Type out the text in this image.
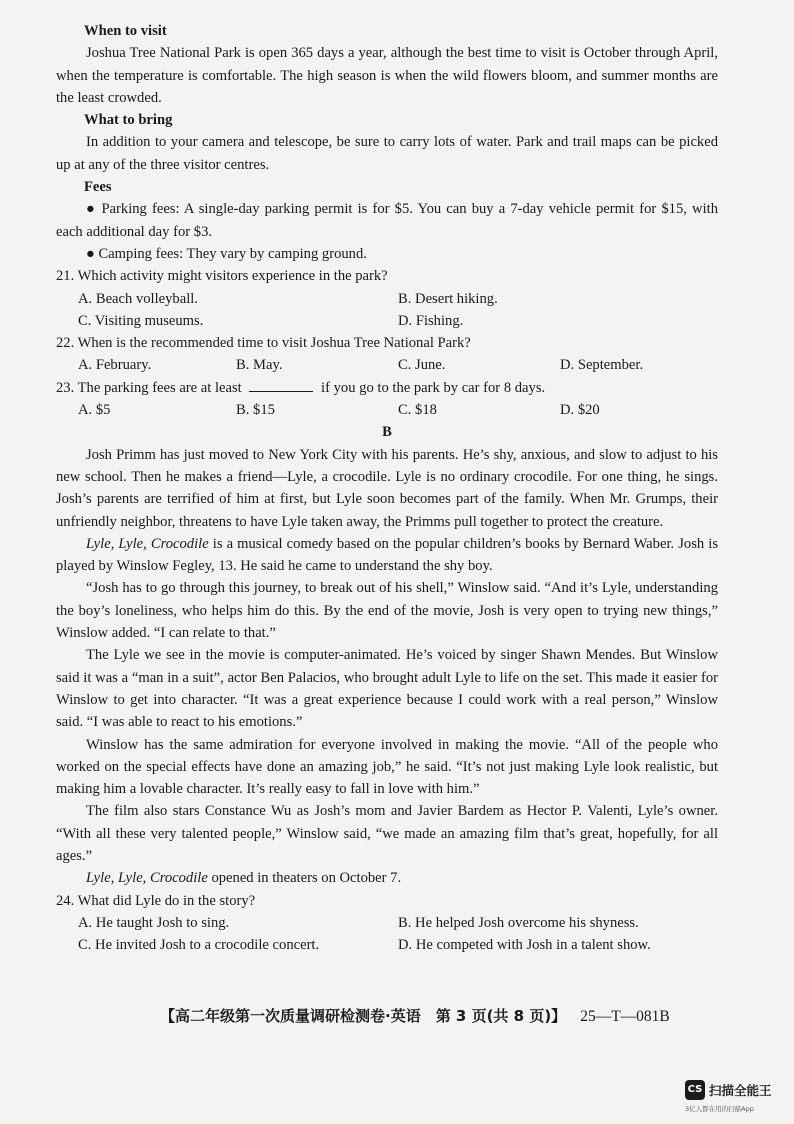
When to visit

Joshua Tree National Park is open 365 days a year, although the best time to visit is October through April, when the temperature is comfortable. The high season is when the wild flowers bloom, and summer months are the least crowded.

What to bring

In addition to your camera and telescope, be sure to carry lots of water. Park and trail maps can be picked up at any of the three visitor centres.

Fees

● Parking fees: A single-day parking permit is for $5. You can buy a 7-day vehicle permit for $15, with each additional day for $3.

● Camping fees: They vary by camping ground.

21. Which activity might visitors experience in the park?

A. Beach volleyball.	B. Desert hiking.
C. Visiting museums.	D. Fishing.

22. When is the recommended time to visit Joshua Tree National Park?

A. February.	B. May.	C. June.	D. September.

23. The parking fees are at least	if you go to the park by car for 8 days.

A. $5	B. $15	C. $18	D. $20
B

Josh Primm has just moved to New York City with his parents. He’s shy, anxious, and slow to adjust to his new school. Then he makes a friend—Lyle, a crocodile. Lyle is no ordinary crocodile. For one thing, he sings. Josh’s parents are terrified of him at first, but Lyle soon becomes part of the family. When Mr. Grumps, their unfriendly neighbor, threatens to have Lyle taken away, the Primms pull together to protect the creature.

Lyle, Lyle, Crocodile is a musical comedy based on the popular children’s books by Bernard Waber. Josh is played by Winslow Fegley, 13. He said he came to understand the shy boy.

“Josh has to go through this journey, to break out of his shell,” Winslow said. “And it’s Lyle, understanding the boy’s loneliness, who helps him do this. By the end of the movie, Josh is very open to trying new things,” Winslow added. “I can relate to that.”

The Lyle we see in the movie is computer-animated. He’s voiced by singer Shawn Mendes. But Winslow said it was a “man in a suit”, actor Ben Palacios, who brought adult Lyle to life on the set. This made it easier for Winslow to get into character. “It was a great experience because I could work with a real person,” Winslow said. “I was able to react to his emotions.”

Winslow has the same admiration for everyone involved in making the movie. “All of the people who worked on the special effects have done an amazing job,” he said. “It’s not just making Lyle look realistic, but making him a lovable character. It’s really easy to fall in love with him.”

The film also stars Constance Wu as Josh’s mom and Javier Bardem as Hector P. Valenti, Lyle’s owner. “With all these very talented people,” Winslow said, “we made an amazing film that’s great, hopefully, for all ages.”

Lyle, Lyle, Crocodile opened in theaters on October 7.

24. What did Lyle do in the story?

A. He taught Josh to sing.	B. He helped Josh overcome his shyness.
C. He invited Josh to a crocodile concert.	D. He competed with Josh in a talent show.
【高二年级第一次质量调研检测卷·英语　第 3 页(共 8 页)】 25—T—081B
CS 扫描全能王
3亿人都在用的扫描App
